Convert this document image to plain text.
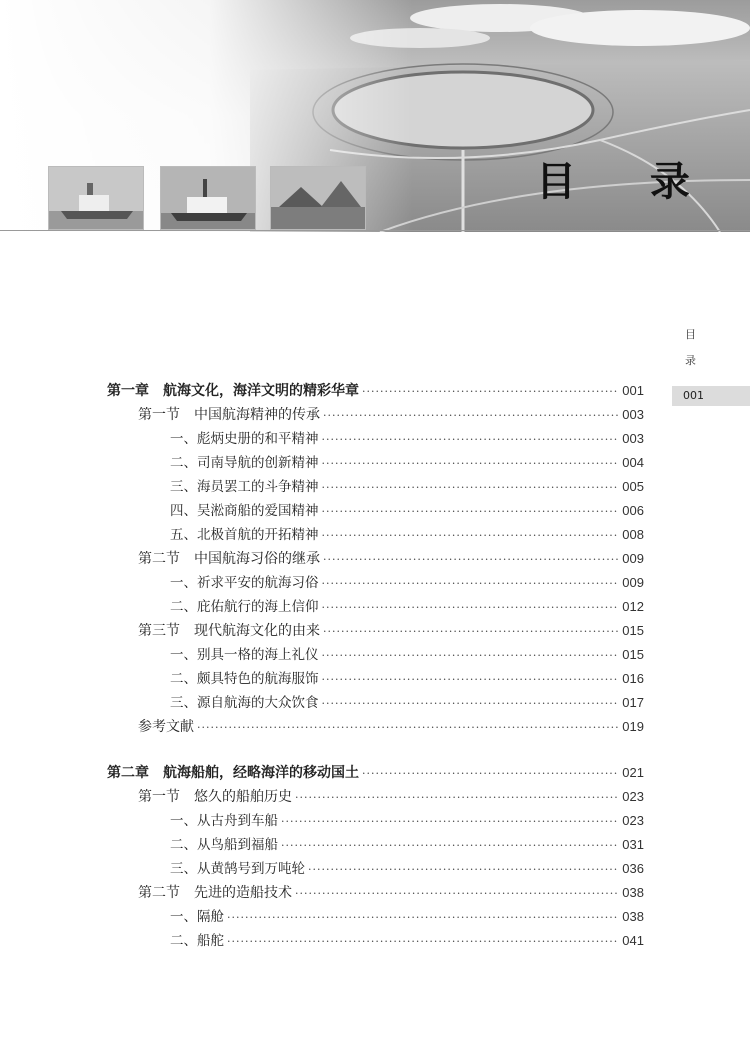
目 录
目
录
001
第一章　航海文化，海洋文明的精彩华章 ·····	001
第一节　中国航海精神的传承 ·····	003
一、彪炳史册的和平精神 ·····	003
二、司南导航的创新精神 ·····	004
三、海员罢工的斗争精神 ·····	005
四、吴淞商船的爱国精神 ·····	006
五、北极首航的开拓精神 ·····	008
第二节　中国航海习俗的继承 ·····	009
一、祈求平安的航海习俗 ·····	009
二、庇佑航行的海上信仰 ·····	012
第三节　现代航海文化的由来 ·····	015
一、别具一格的海上礼仪 ·····	015
二、颇具特色的航海服饰 ·····	016
三、源自航海的大众饮食 ·····	017
参考文献 ·····	019
第二章　航海船舶，经略海洋的移动国土 ·····	021
第一节　悠久的船舶历史 ·····	023
一、从古舟到车船 ·····	023
二、从鸟船到福船 ·····	031
三、从黄鹄号到万吨轮 ·····	036
第二节　先进的造船技术 ·····	038
一、隔舱 ·····	038
二、船舵 ·····	041
